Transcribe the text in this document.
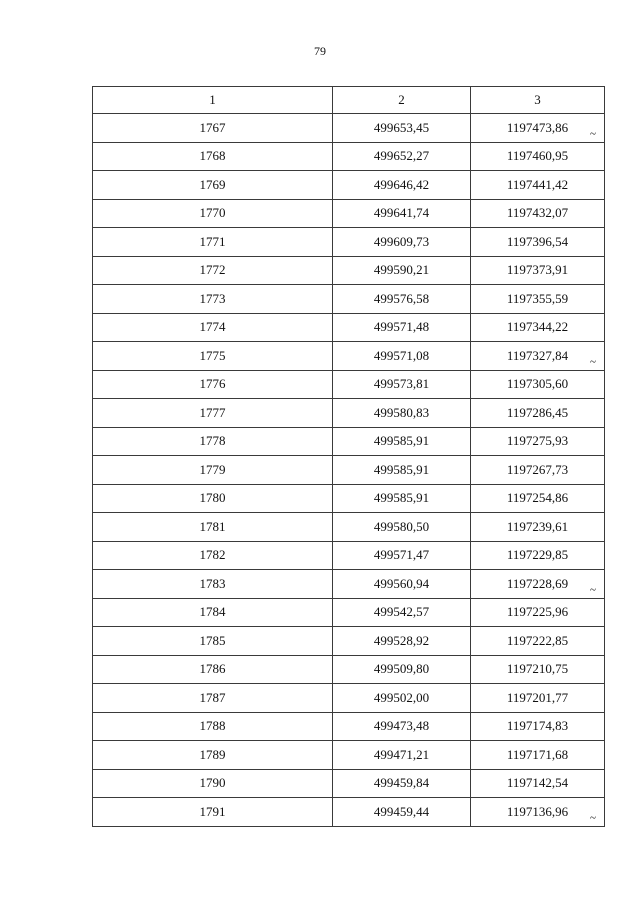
79
1	2	3
1767	499653,45	1197473,86 ~

1768	499652,27	1197460,95
1769	499646,42	1197441,42
1770	499641,74	1197432,07
1771	499609,73	1197396,54
1772	499590,21	1197373,91
1773	499576,58	1197355,59
1774	499571,48	1197344,22
1775	499571,08	1197327,84 ~

1776	499573,81	1197305,60
1777	499580,83	1197286,45
1778	499585,91	1197275,93
1779	499585,91	1197267,73
1780	499585,91	1197254,86
1781	499580,50	1197239,61
1782	499571,47	1197229,85
1783	499560,94	1197228,69 ~

1784	499542,57	1197225,96
1785	499528,92	1197222,85
1786	499509,80	1197210,75
1787	499502,00	1197201,77
1788	499473,48	1197174,83
1789	499471,21	1197171,68
1790	499459,84	1197142,54
1791	499459,44	1197136,96 ~
